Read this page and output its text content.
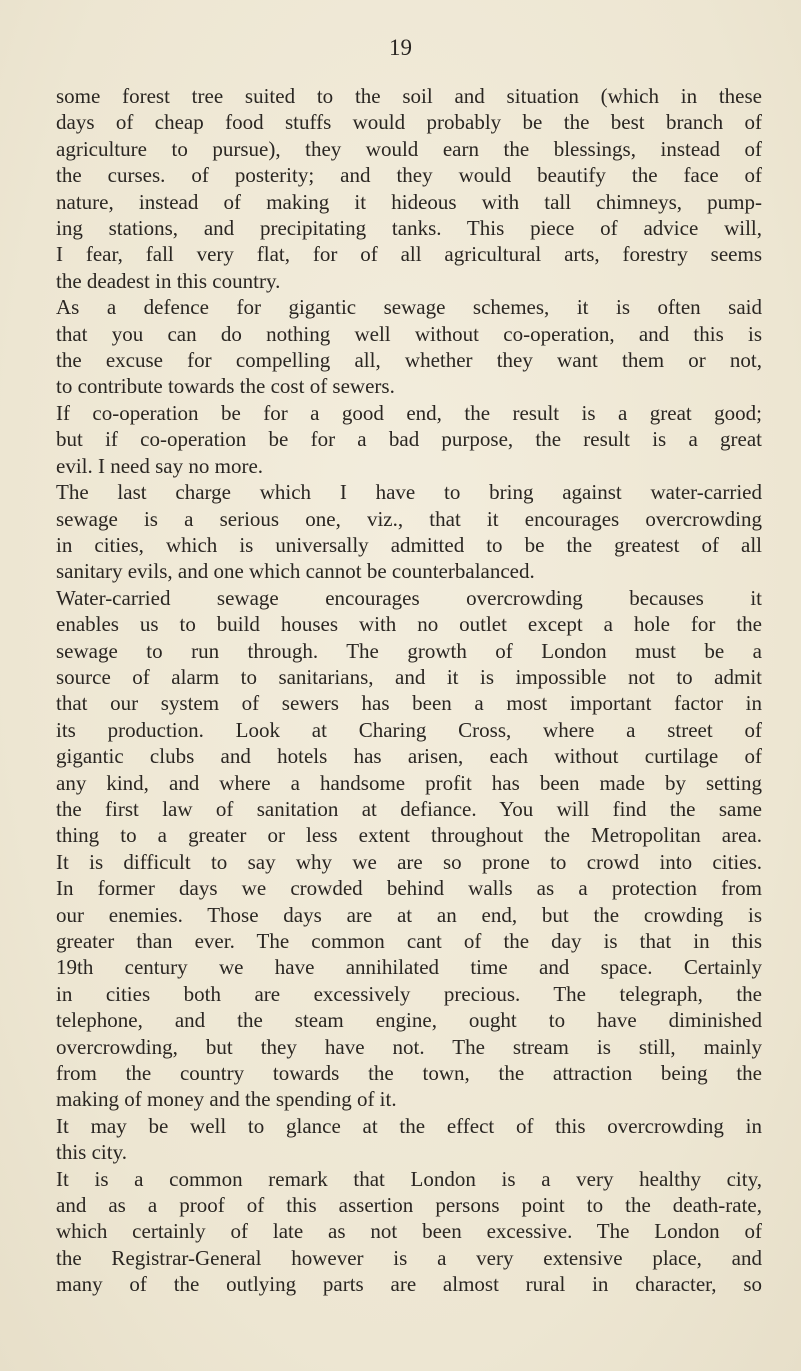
19
some forest tree suited to the soil and situation (which in these
days of cheap food stuffs would probably be the best branch of
agriculture to pursue), they would earn the blessings, instead of
the curses. of posterity; and they would beautify the face of
nature, instead of making it hideous with tall chimneys, pump-
ing stations, and precipitating tanks. This piece of advice will,
I fear, fall very flat, for of all agricultural arts, forestry seems
the deadest in this country.
As a defence for gigantic sewage schemes, it is often said
that you can do nothing well without co-operation, and this is
the excuse for compelling all, whether they want them or not,
to contribute towards the cost of sewers.
If co-operation be for a good end, the result is a great good;
but if co-operation be for a bad purpose, the result is a great
evil. I need say no more.
The last charge which I have to bring against water-carried
sewage is a serious one, viz., that it encourages overcrowding
in cities, which is universally admitted to be the greatest of all
sanitary evils, and one which cannot be counterbalanced.
Water-carried sewage encourages overcrowding becauses it
enables us to build houses with no outlet except a hole for the
sewage to run through. The growth of London must be a
source of alarm to sanitarians, and it is impossible not to admit
that our system of sewers has been a most important factor in
its production. Look at Charing Cross, where a street of
gigantic clubs and hotels has arisen, each without curtilage of
any kind, and where a handsome profit has been made by setting
the first law of sanitation at defiance. You will find the same
thing to a greater or less extent throughout the Metropolitan area.
It is difficult to say why we are so prone to crowd into cities.
In former days we crowded behind walls as a protection from
our enemies. Those days are at an end, but the crowding is
greater than ever. The common cant of the day is that in this
19th century we have annihilated time and space. Certainly
in cities both are excessively precious. The telegraph, the
telephone, and the steam engine, ought to have diminished
overcrowding, but they have not. The stream is still, mainly
from the country towards the town, the attraction being the
making of money and the spending of it.
It may be well to glance at the effect of this overcrowding in
this city.
It is a common remark that London is a very healthy city,
and as a proof of this assertion persons point to the death-rate,
which certainly of late as not been excessive. The London of
the Registrar-General however is a very extensive place, and
many of the outlying parts are almost rural in character, so
